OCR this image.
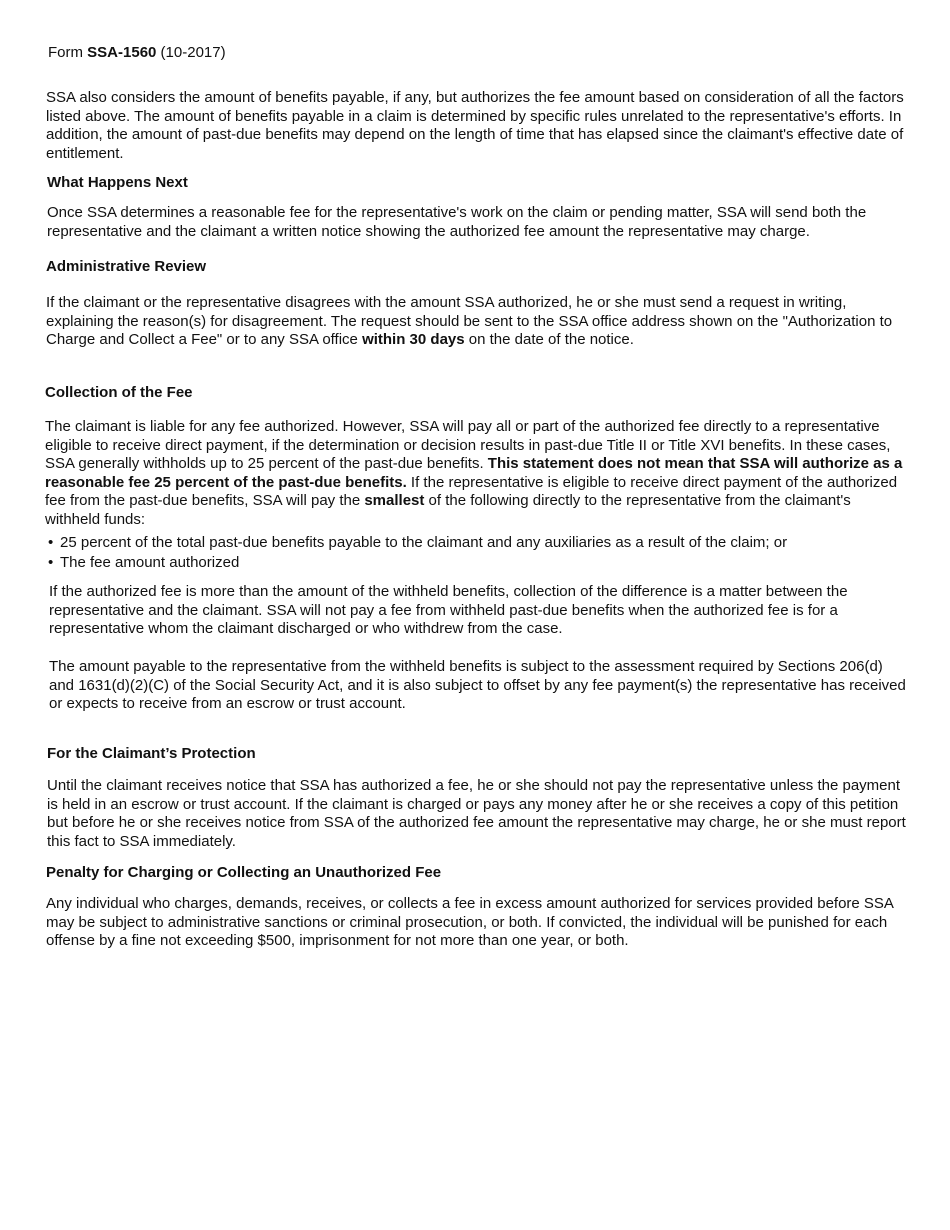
Form SSA-1560 (10-2017)

SSA also considers the amount of benefits payable, if any, but authorizes the fee amount based on consideration of all the factors listed above. The amount of benefits payable in a claim is determined by specific rules unrelated to the representative's efforts. In addition, the amount of past-due benefits may depend on the length of time that has elapsed since the claimant's effective date of entitlement.

What Happens Next

Once SSA determines a reasonable fee for the representative's work on the claim or pending matter, SSA will send both the representative and the claimant a written notice showing the authorized fee amount the representative may charge.

Administrative Review

If the claimant or the representative disagrees with the amount SSA authorized, he or she must send a request in writing, explaining the reason(s) for disagreement. The request should be sent to the SSA office address shown on the "Authorization to Charge and Collect a Fee" or to any SSA office within 30 days on the date of the notice.

Collection of the Fee

The claimant is liable for any fee authorized. However, SSA will pay all or part of the authorized fee directly to a representative eligible to receive direct payment, if the determination or decision results in past-due Title II or Title XVI benefits. In these cases, SSA generally withholds up to 25 percent of the past-due benefits. This statement does not mean that SSA will authorize as a reasonable fee 25 percent of the past-due benefits. If the representative is eligible to receive direct payment of the authorized fee from the past-due benefits, SSA will pay the smallest of the following directly to the representative from the claimant's withheld funds:

• 25 percent of the total past-due benefits payable to the claimant and any auxiliaries as a result of the claim; or
• The fee amount authorized

If the authorized fee is more than the amount of the withheld benefits, collection of the difference is a matter between the representative and the claimant. SSA will not pay a fee from withheld past-due benefits when the authorized fee is for a representative whom the claimant discharged or who withdrew from the case.

The amount payable to the representative from the withheld benefits is subject to the assessment required by Sections 206(d) and 1631(d)(2)(C) of the Social Security Act, and it is also subject to offset by any fee payment(s) the representative has received or expects to receive from an escrow or trust account.

For the Claimant’s Protection

Until the claimant receives notice that SSA has authorized a fee, he or she should not pay the representative unless the payment is held in an escrow or trust account. If the claimant is charged or pays any money after he or she receives a copy of this petition but before he or she receives notice from SSA of the authorized fee amount the representative may charge, he or she must report this fact to SSA immediately.

Penalty for Charging or Collecting an Unauthorized Fee

Any individual who charges, demands, receives, or collects a fee in excess amount authorized for services provided before SSA may be subject to administrative sanctions or criminal prosecution, or both. If convicted, the individual will be punished for each offense by a fine not exceeding $500, imprisonment for not more than one year, or both.
